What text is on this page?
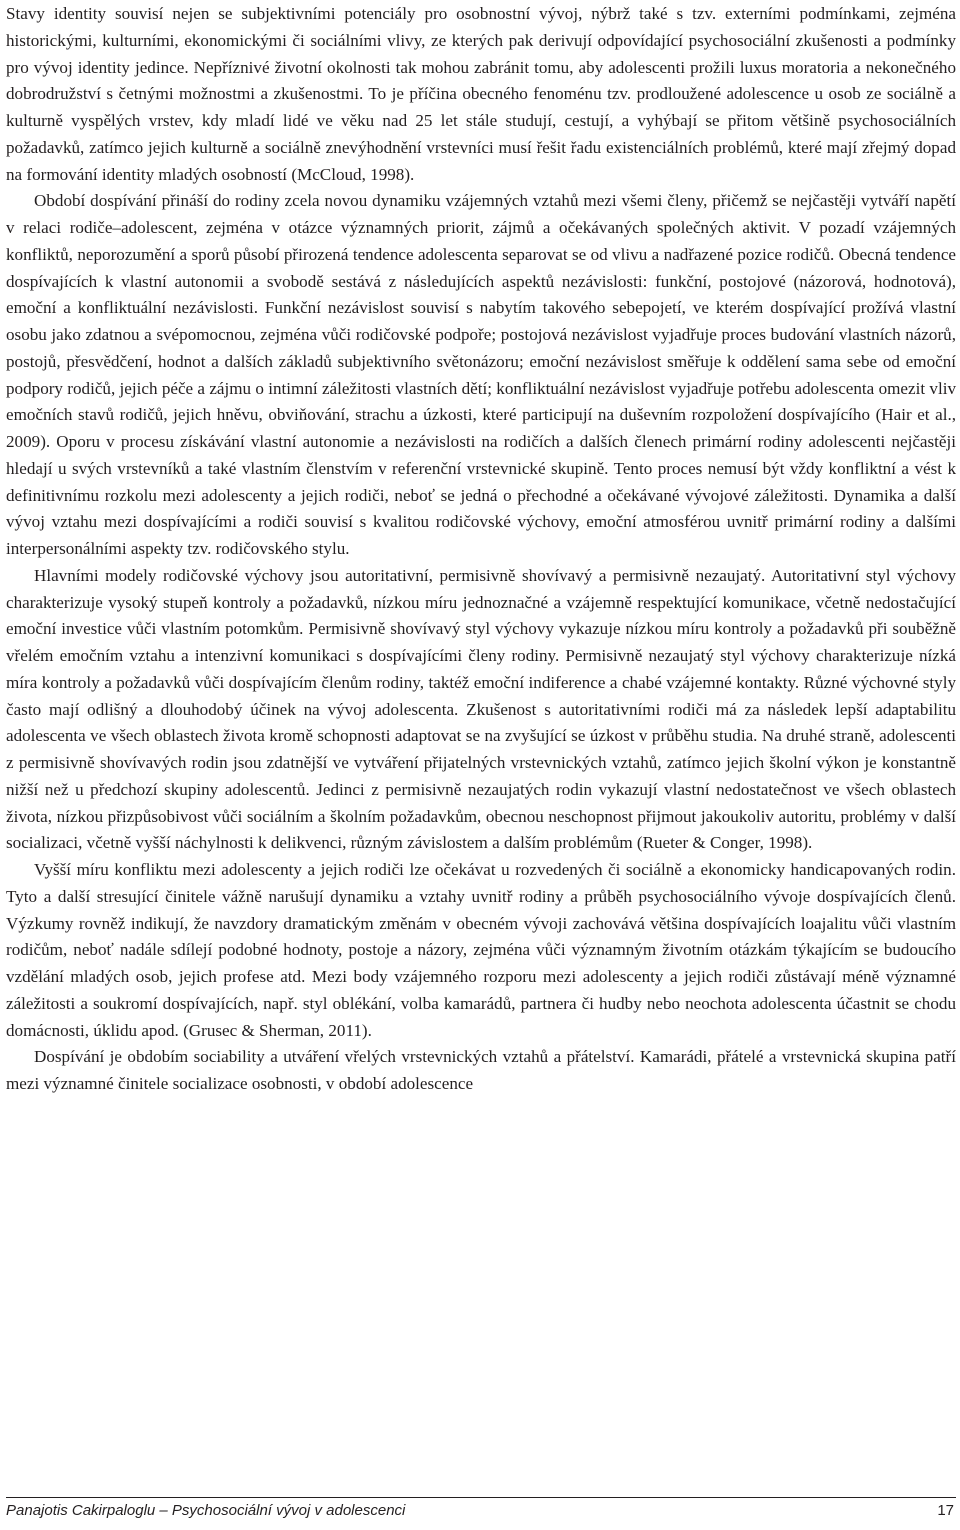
Stavy identity souvisí nejen se subjektivními potenciály pro osobnostní vývoj, nýbrž také s tzv. externími podmínkami, zejména historickými, kulturními, ekonomickými či sociálními vlivy, ze kterých pak derivují odpovídající psychosociální zkušenosti a podmínky pro vývoj identity jedince. Nepříznivé životní okolnosti tak mohou zabránit tomu, aby adolescenti prožili luxus moratoria a nekonečného dobrodružství s četnými možnostmi a zkušenostmi. To je příčina obecného fenoménu tzv. prodloužené adolescence u osob ze sociálně a kulturně vyspělých vrstev, kdy mladí lidé ve věku nad 25 let stále studují, cestují, a vyhýbají se přitom většině psychosociálních požadavků, zatímco jejich kulturně a sociálně znevýhodnění vrstevníci musí řešit řadu existenciálních problémů, které mají zřejmý dopad na formování identity mladých osobností (McCloud, 1998).

Období dospívání přináší do rodiny zcela novou dynamiku vzájemných vztahů mezi všemi členy, přičemž se nejčastěji vytváří napětí v relaci rodiče–adolescent, zejména v otázce významných priorit, zájmů a očekávaných společných aktivit. V pozadí vzájemných konfliktů, neporozumění a sporů působí přirozená tendence adolescenta separovat se od vlivu a nadřazené pozice rodičů. Obecná tendence dospívajících k vlastní autonomii a svobodě sestává z následujících aspektů nezávislosti: funkční, postojové (názorová, hodnotová), emoční a konfliktuální nezávislosti. Funkční nezávislost souvisí s nabytím takového sebepojetí, ve kterém dospívající prožívá vlastní osobu jako zdatnou a svépomocnou, zejména vůči rodičovské podpoře; postojová nezávislost vyjadřuje proces budování vlastních názorů, postojů, přesvědčení, hodnot a dalších základů subjektivního světonázoru; emoční nezávislost směřuje k oddělení sama sebe od emoční podpory rodičů, jejich péče a zájmu o intimní záležitosti vlastních dětí; konfliktuální nezávislost vyjadřuje potřebu adolescenta omezit vliv emočních stavů rodičů, jejich hněvu, obviňování, strachu a úzkosti, které participují na duševním rozpoložení dospívajícího (Hair et al., 2009). Oporu v procesu získávání vlastní autonomie a nezávislosti na rodičích a dalších členech primární rodiny adolescenti nejčastěji hledají u svých vrstevníků a také vlastním členstvím v referenční vrstevnické skupině. Tento proces nemusí být vždy konfliktní a vést k definitivnímu rozkolu mezi adolescenty a jejich rodiči, neboť se jedná o přechodné a očekávané vývojové záležitosti. Dynamika a další vývoj vztahu mezi dospívajícími a rodiči souvisí s kvalitou rodičovské výchovy, emoční atmosférou uvnitř primární rodiny a dalšími interpersonálními aspekty tzv. rodičovského stylu.

Hlavními modely rodičovské výchovy jsou autoritativní, permisivně shovívavý a permisivně nezaujatý. Autoritativní styl výchovy charakterizuje vysoký stupeň kontroly a požadavků, nízkou míru jednoznačné a vzájemně respektující komunikace, včetně nedostačující emoční investice vůči vlastním potomkům. Permisivně shovívavý styl výchovy vykazuje nízkou míru kontroly a požadavků při souběžně vřelém emočním vztahu a intenzivní komunikaci s dospívajícími členy rodiny. Permisivně nezaujatý styl výchovy charakterizuje nízká míra kontroly a požadavků vůči dospívajícím členům rodiny, taktéž emoční indiference a chabé vzájemné kontakty. Různé výchovné styly často mají odlišný a dlouhodobý účinek na vývoj adolescenta. Zkušenost s autoritativními rodiči má za následek lepší adaptabilitu adolescenta ve všech oblastech života kromě schopnosti adaptovat se na zvyšující se úzkost v průběhu studia. Na druhé straně, adolescenti z permisivně shovívavých rodin jsou zdatnější ve vytváření přijatelných vrstevnických vztahů, zatímco jejich školní výkon je konstantně nižší než u předchozí skupiny adolescentů. Jedinci z permisivně nezaujatých rodin vykazují vlastní nedostatečnost ve všech oblastech života, nízkou přizpůsobivost vůči sociálním a školním požadavkům, obecnou neschopnost přijmout jakoukoliv autoritu, problémy v další socializaci, včetně vyšší náchylnosti k delikvenci, různým závislostem a dalším problémům (Rueter & Conger, 1998).

Vyšší míru konfliktu mezi adolescenty a jejich rodiči lze očekávat u rozvedených či sociálně a ekonomicky handicapovaných rodin. Tyto a další stresující činitele vážně narušují dynamiku a vztahy uvnitř rodiny a průběh psychosociálního vývoje dospívajících členů. Výzkumy rovněž indikují, že navzdory dramatickým změnám v obecném vývoji zachovává většina dospívajících loajalitu vůči vlastním rodičům, neboť nadále sdílejí podobné hodnoty, postoje a názory, zejména vůči významným životním otázkám týkajícím se budoucího vzdělání mladých osob, jejich profese atd. Mezi body vzájemného rozporu mezi adolescenty a jejich rodiči zůstávají méně významné záležitosti a soukromí dospívajících, např. styl oblékání, volba kamarádů, partnera či hudby nebo neochota adolescenta účastnit se chodu domácnosti, úklidu apod. (Grusec & Sherman, 2011).

Dospívání je obdobím sociability a utváření vřelých vrstevnických vztahů a přátelství. Kamarádi, přátelé a vrstevnická skupina patří mezi významné činitele socializace osobnosti, v období adolescence

Panajotis Cakirpaloglu – Psychosociální vývoj v adolescenci	17
